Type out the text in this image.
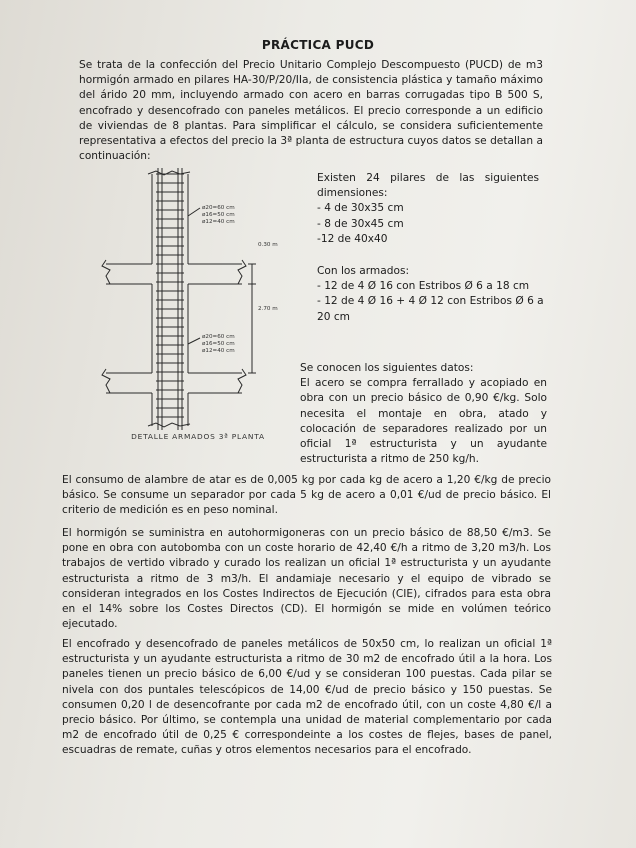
PRÁCTICA PUCD

Se trata de la confección del Precio Unitario Complejo Descompuesto (PUCD) de m3 hormigón armado en pilares HA-30/P/20/IIa, de consistencia plástica y tamaño máximo del árido 20 mm, incluyendo armado con acero en barras corrugadas tipo B 500 S, encofrado y desencofrado con paneles metálicos. El precio corresponde a un edificio de viviendas de 8 plantas. Para simplificar el cálculo, se considera suficientemente representativa a efectos del precio la 3ª planta de estructura cuyos datos se detallan a continuación:

ø20=60 cm
ø16=50 cm
ø12=40 cm
ø20=60 cm
ø16=50 cm
ø12=40 cm
0.30 m
2.70 m
DETALLE ARMADOS 3ª PLANTA
Existen 24 pilares de las siguientes dimensiones:
- 4 de 30x35 cm
- 8 de 30x45 cm
-12 de 40x40
Con los armados:
- 12 de 4 Ø 16 con Estribos Ø 6 a 18 cm
- 12 de 4 Ø 16 + 4 Ø 12 con Estribos Ø 6 a 20 cm
Se conocen los siguientes datos:
El acero se compra ferrallado y acopiado en obra con un precio básico de 0,90 €/kg. Solo necesita el montaje en obra, atado y colocación de separadores realizado por un oficial 1ª estructurista y un ayudante estructurista a ritmo de 250 kg/h.

El consumo de alambre de atar es de 0,005 kg por cada kg de acero a 1,20 €/kg de precio básico. Se consume un separador por cada 5 kg de acero a 0,01 €/ud de precio básico. El criterio de medición es en peso nominal.

El hormigón se suministra en autohormigoneras con un precio básico de 88,50 €/m3. Se pone en obra con autobomba con un coste horario de 42,40 €/h a ritmo de 3,20 m3/h. Los trabajos de vertido vibrado y curado los realizan un oficial 1ª estructurista y un ayudante estructurista a ritmo de 3 m3/h. El andamiaje necesario y el equipo de vibrado se consideran integrados en los Costes Indirectos de Ejecución (CIE), cifrados para esta obra en el 14% sobre los Costes Directos (CD). El hormigón se mide en volúmen teórico ejecutado.

El encofrado y desencofrado de paneles metálicos de 50x50 cm, lo realizan un oficial 1ª estructurista y un ayudante estructurista a ritmo de 30 m2 de encofrado útil a la hora. Los paneles tienen un precio básico de 6,00 €/ud y se consideran 100 puestas. Cada pilar se nivela con dos puntales telescópicos de 14,00 €/ud de precio básico y 150 puestas. Se consumen 0,20 l de desencofrante por cada m2 de encofrado útil, con un coste 4,80 €/l a precio básico. Por último, se contempla una unidad de material complementario por cada m2 de encofrado útil de 0,25 € correspondeinte a los costes de flejes, bases de panel, escuadras de remate, cuñas y otros elementos necesarios para el encofrado.
